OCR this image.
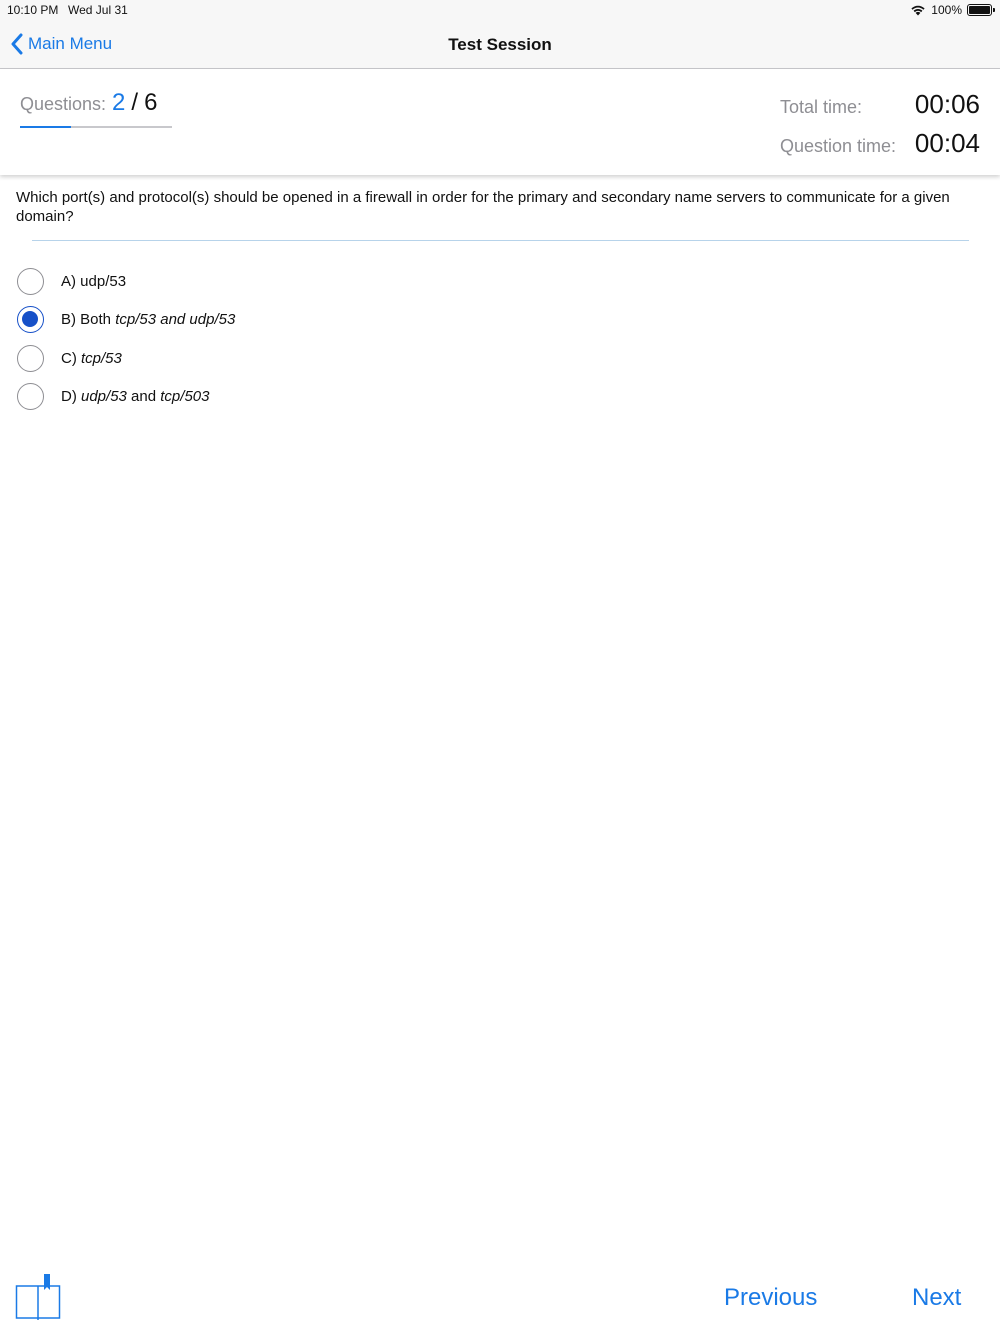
10:10 PM Wed Jul 31	100%
Main Menu	Test Session
Questions: 2 / 6	Total time:	00:06
Question time: 00:04
Which port(s) and protocol(s) should be opened in a firewall in order for the primary and secondary name servers to communicate for a given domain?
A) udp/53
B) Both tcp/53 and udp/53
C) tcp/53
D) udp/53 and tcp/503
Previous	Next
